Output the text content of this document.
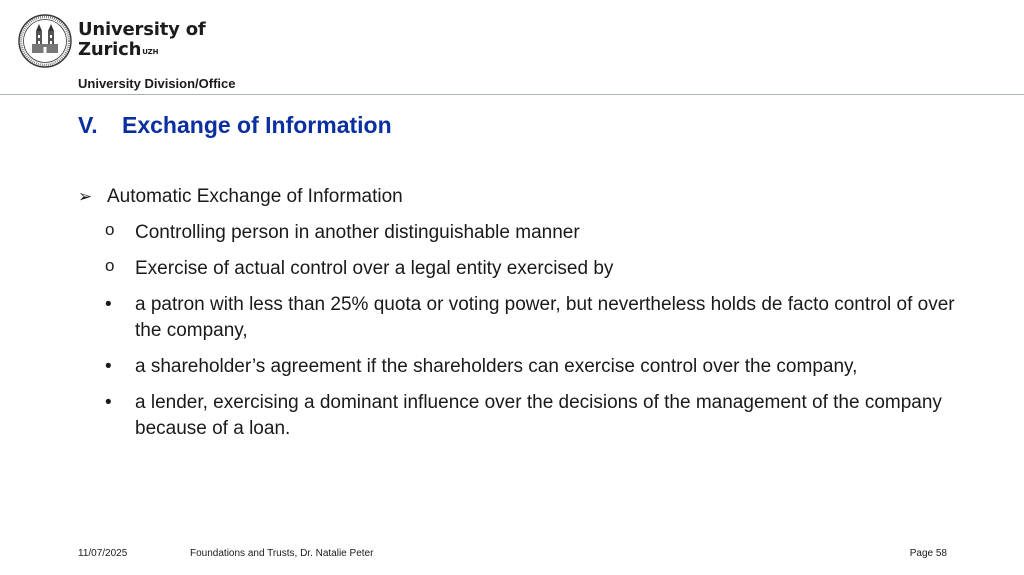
University of
Zurich$^{UZH}$
University Division/Office
V. Exchange of Information
➢ Automatic Exchange of Information
o Controlling person in another distinguishable manner
o Exercise of actual control over a legal entity exercised by
• a patron with less than 25% quota or voting power, but nevertheless holds de facto control of over the company,
• a shareholder’s agreement if the shareholders can exercise control over the company,
• a lender, exercising a dominant influence over the decisions of the management of the company because of a loan.
11/07/2025	Foundations and Trusts, Dr. Natalie Peter	Page 58
